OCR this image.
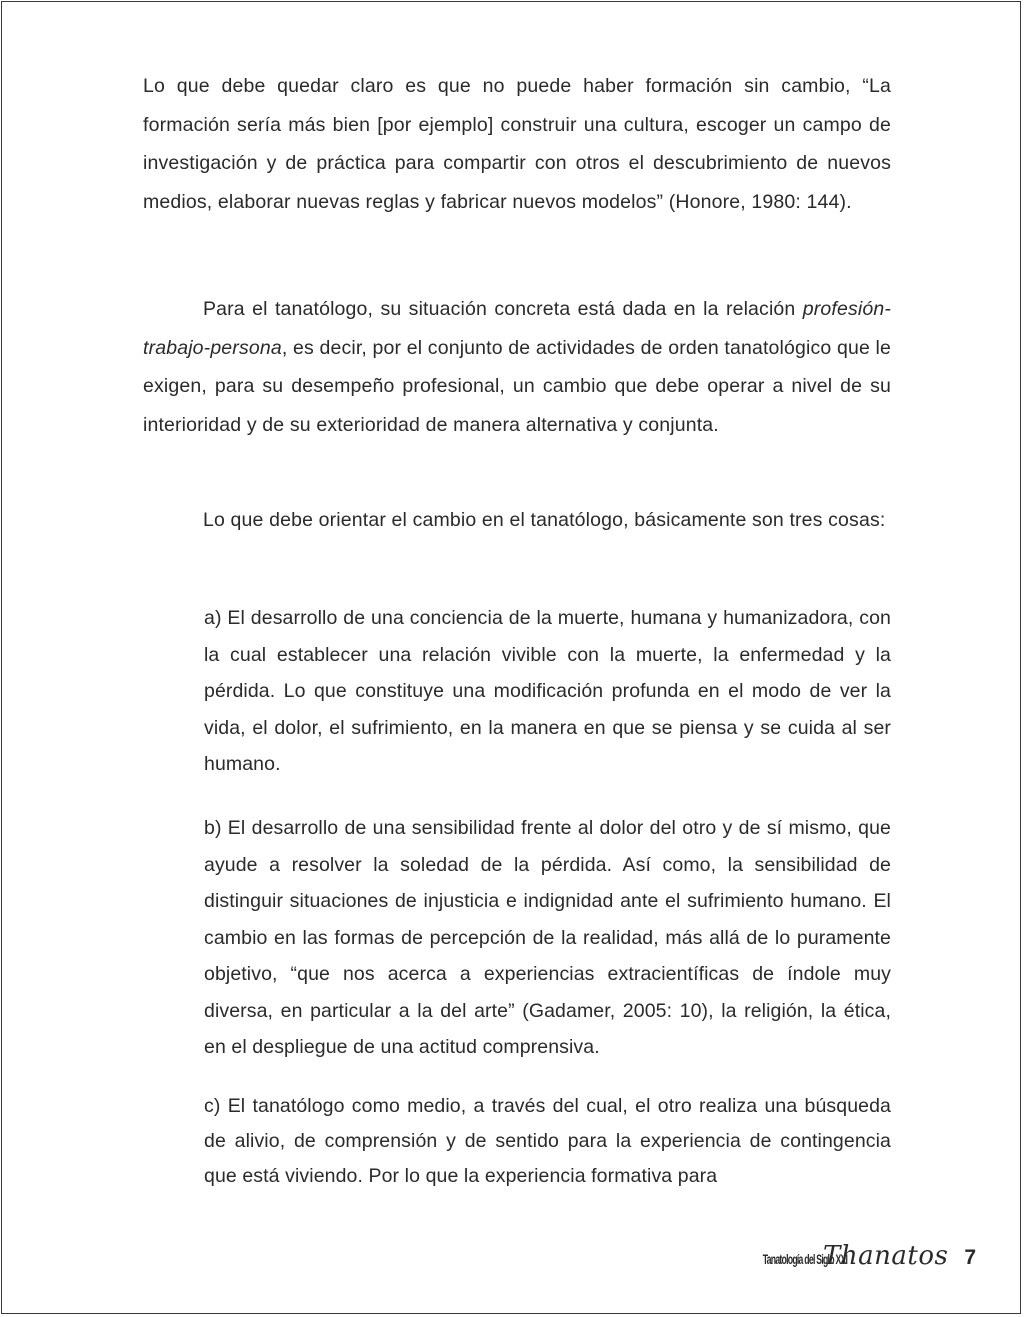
Lo que debe quedar claro es que no puede haber formación sin cambio, “La formación sería más bien [por ejemplo] construir una cultura, escoger un campo de investigación y de práctica para compartir con otros el descubrimiento de nuevos medios, elaborar nuevas reglas y fabricar nuevos modelos” (Honore, 1980: 144).

Para el tanatólogo, su situación concreta está dada en la relación profesión-trabajo-persona, es decir, por el conjunto de actividades de orden tanatológico que le exigen, para su desempeño profesional, un cambio que debe operar a nivel de su interioridad y de su exterioridad de manera alternativa y conjunta.

Lo que debe orientar el cambio en el tanatólogo, básicamente son tres cosas:

a) El desarrollo de una conciencia de la muerte, humana y humanizadora, con la cual establecer una relación vivible con la muerte, la enfermedad y la pérdida. Lo que constituye una modificación profunda en el modo de ver la vida, el dolor, el sufrimiento, en la manera en que se piensa y se cuida al ser humano.

b) El desarrollo de una sensibilidad frente al dolor del otro y de sí mismo, que ayude a resolver la soledad de la pérdida. Así como, la sensibilidad de distinguir situaciones de injusticia e indignidad ante el sufrimiento humano. El cambio en las formas de percepción de la realidad, más allá de lo puramente objetivo, “que nos acerca a experiencias extracientíficas de índole muy diversa, en particular a la del arte” (Gadamer, 2005: 10), la religión, la ética, en el despliegue de una actitud comprensiva.

c) El tanatólogo como medio, a través del cual, el otro realiza una búsqueda de alivio, de comprensión y de sentido para la experiencia de contingencia que está viviendo. Por lo que la experiencia formativa para

Tanatología del Siglo XXI
Thanatos 7
